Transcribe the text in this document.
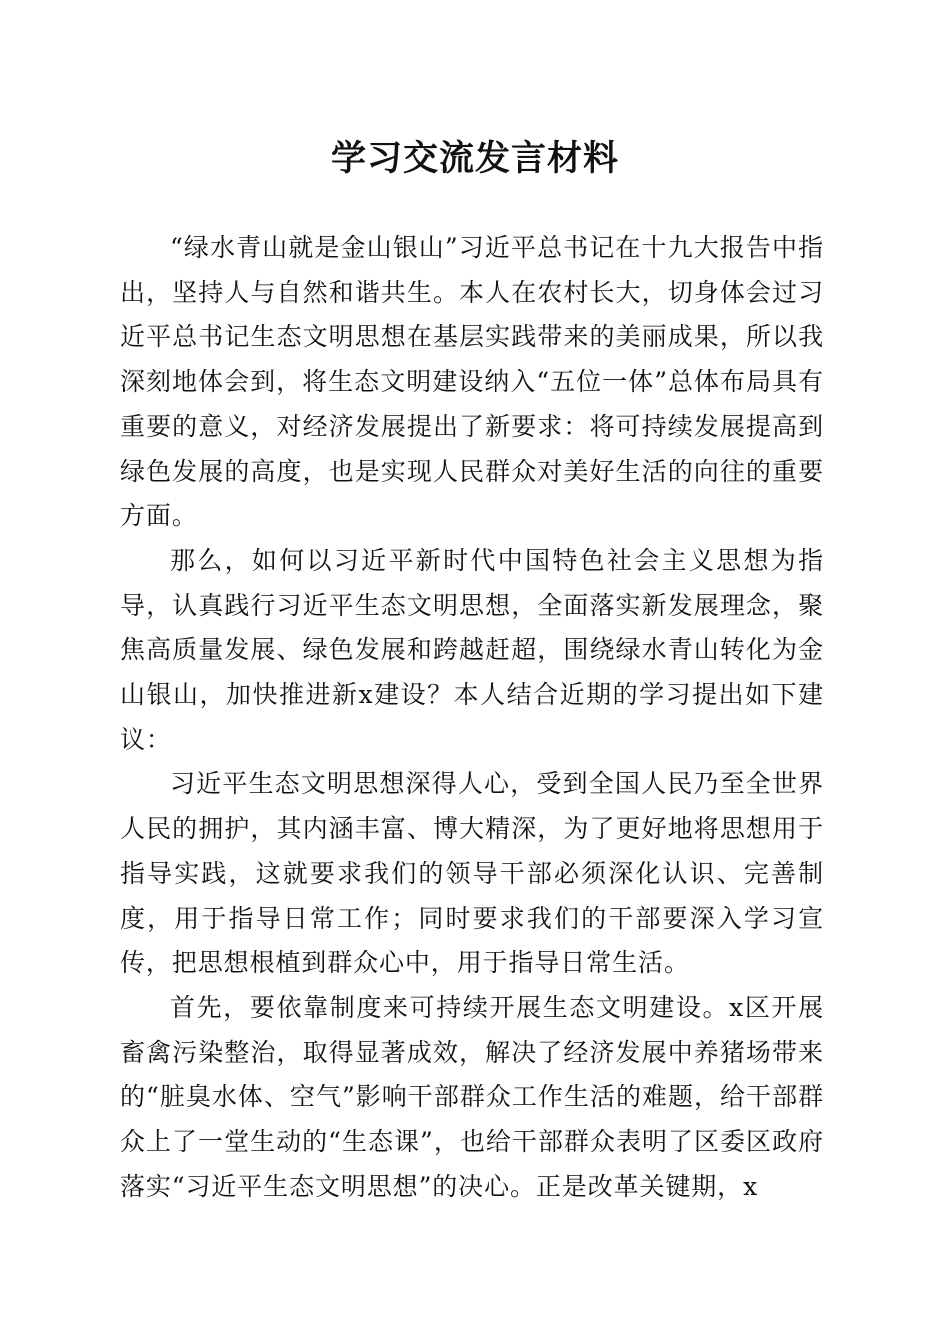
学习交流发言材料

“绿水青山就是金山银山”习近平总书记在十九大报告中指出，坚持人与自然和谐共生。本人在农村长大，切身体会过习近平总书记生态文明思想在基层实践带来的美丽成果，所以我深刻地体会到，将生态文明建设纳入“五位一体”总体布局具有重要的意义，对经济发展提出了新要求：将可持续发展提高到绿色发展的高度，也是实现人民群众对美好生活的向往的重要方面。

那么，如何以习近平新时代中国特色社会主义思想为指导，认真践行习近平生态文明思想，全面落实新发展理念，聚焦高质量发展、绿色发展和跨越赶超，围绕绿水青山转化为金山银山，加快推进新x建设？本人结合近期的学习提出如下建议：

习近平生态文明思想深得人心，受到全国人民乃至全世界人民的拥护，其内涵丰富、博大精深，为了更好地将思想用于指导实践，这就要求我们的领导干部必须深化认识、完善制度，用于指导日常工作；同时要求我们的干部要深入学习宣传，把思想根植到群众心中，用于指导日常生活。

首先，要依靠制度来可持续开展生态文明建设。x区开展畜禽污染整治，取得显著成效，解决了经济发展中养猪场带来的“脏臭水体、空气”影响干部群众工作生活的难题，给干部群众上了一堂生动的“生态课”，也给干部群众表明了区委区政府落实“习近平生态文明思想”的决心。正是改革关键期，x
